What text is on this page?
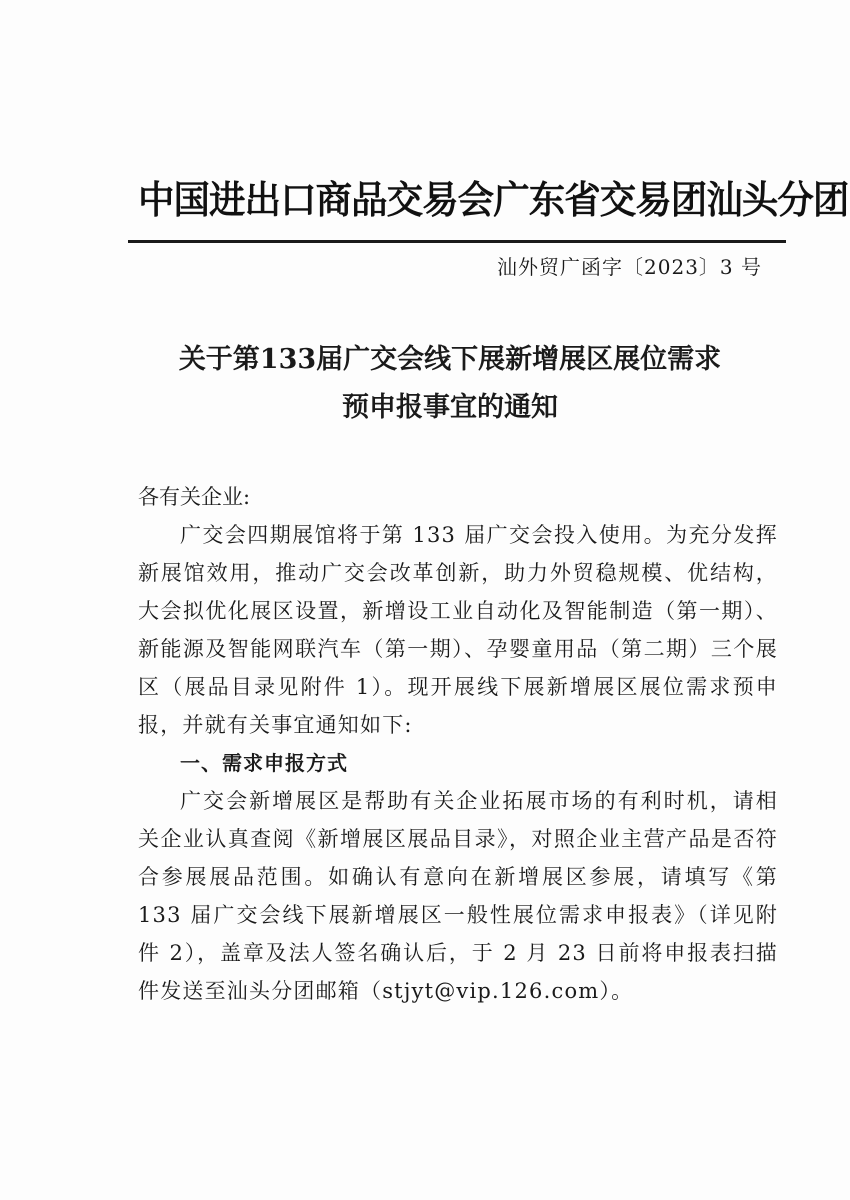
中国进出口商品交易会广东省交易团汕头分团
汕外贸广函字〔2023〕3 号
关于第133届广交会线下展新增展区展位需求
预申报事宜的通知
各有关企业:

广交会四期展馆将于第 133 届广交会投入使用。为充分发挥新展馆效用，推动广交会改革创新，助力外贸稳规模、优结构，大会拟优化展区设置，新增设工业自动化及智能制造（第一期）、新能源及智能网联汽车（第一期）、孕婴童用品（第二期）三个展区（展品目录见附件 1）。现开展线下展新增展区展位需求预申报，并就有关事宜通知如下:

一、需求申报方式

广交会新增展区是帮助有关企业拓展市场的有利时机，请相关企业认真查阅《新增展区展品目录》，对照企业主营产品是否符合参展展品范围。如确认有意向在新增展区参展，请填写《第 133 届广交会线下展新增展区一般性展位需求申报表》（详见附件 2），盖章及法人签名确认后，于 2 月 23 日前将申报表扫描件发送至汕头分团邮箱（stjyt@vip.126.com）。
